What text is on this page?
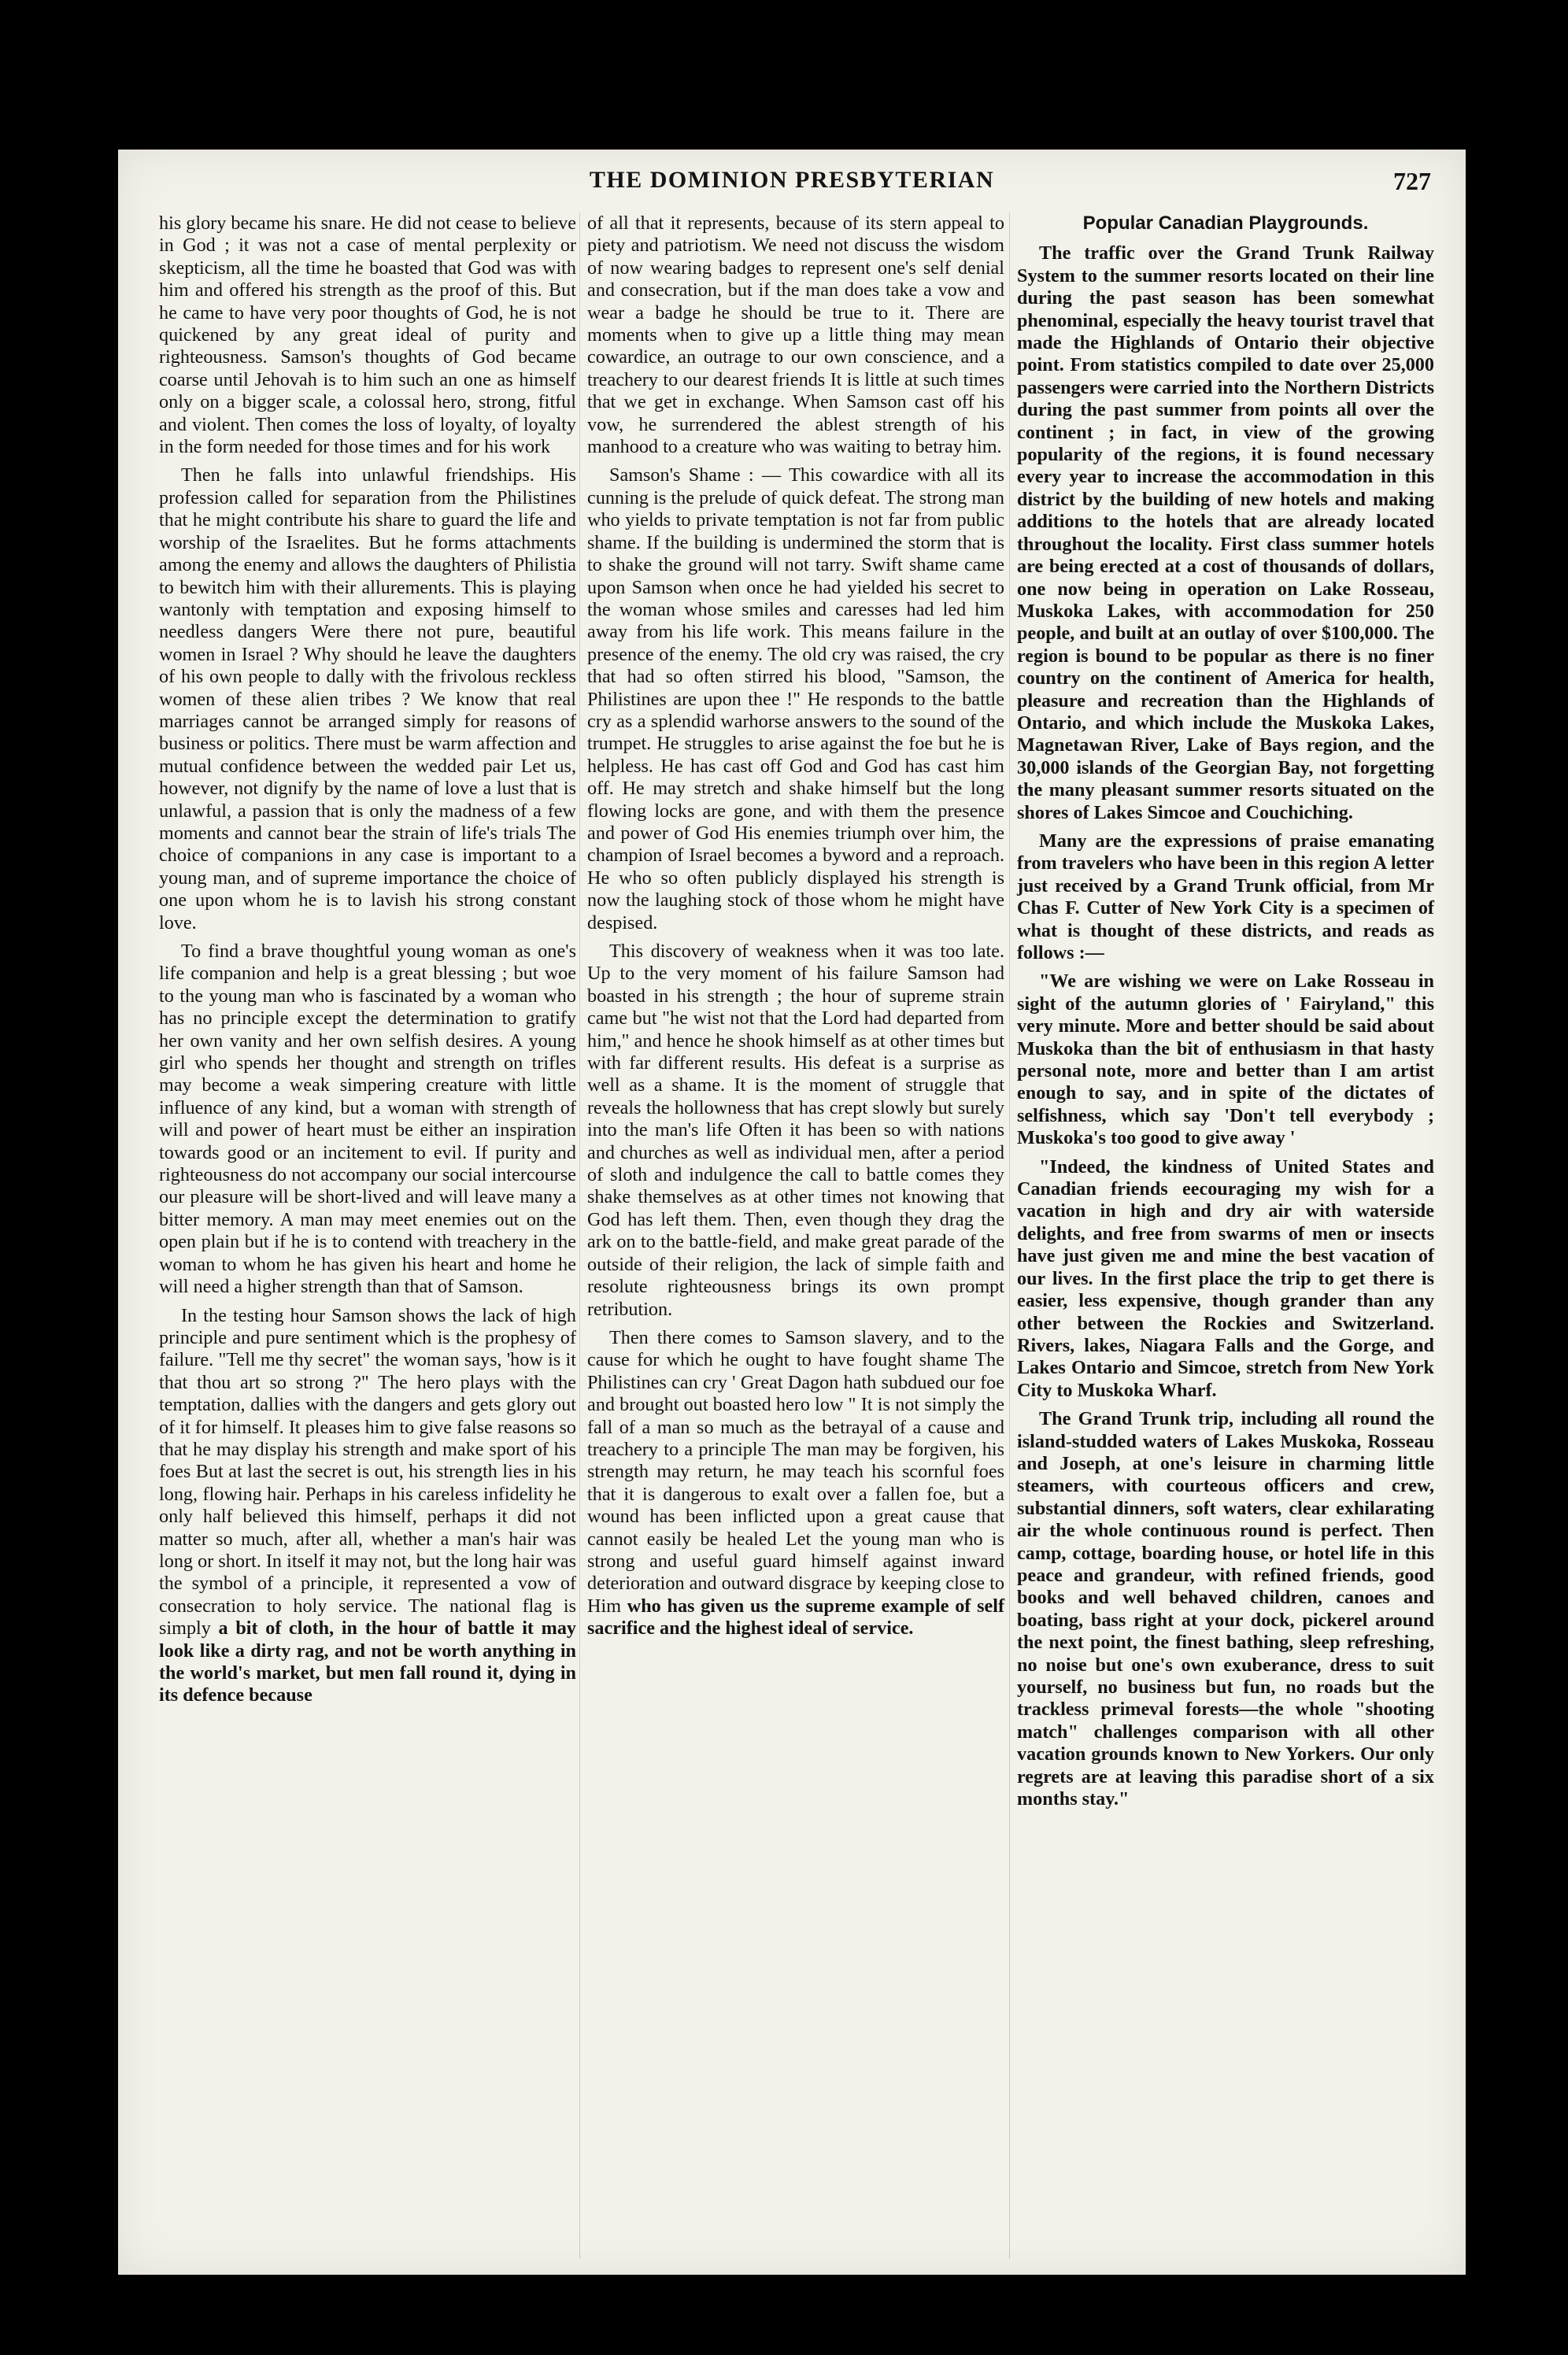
THE DOMINION PRESBYTERIAN	727

his glory became his snare. He did not cease to believe in God ; it was not a case of mental perplexity or skepticism, all the time he boasted that God was with him and offered his strength as the proof of this. But he came to have very poor thoughts of God, he is not quickened by any great ideal of purity and righteousness. Samson's thoughts of God became coarse until Jehovah is to him such an one as himself only on a bigger scale, a colossal hero, strong, fitful and violent. Then comes the loss of loyalty, of loyalty in the form needed for those times and for his work

Then he falls into unlawful friendships. His profession called for separation from the Philistines that he might contribute his share to guard the life and worship of the Israelites. But he forms attachments among the enemy and allows the daughters of Philistia to bewitch him with their allurements. This is playing wantonly with temptation and exposing himself to needless dangers Were there not pure, beautiful women in Israel ? Why should he leave the daughters of his own people to dally with the frivolous reckless women of these alien tribes ? We know that real marriages cannot be arranged simply for reasons of business or politics. There must be warm affection and mutual confidence between the wedded pair Let us, however, not dignify by the name of love a lust that is unlawful, a passion that is only the madness of a few moments and cannot bear the strain of life's trials The choice of companions in any case is important to a young man, and of supreme importance the choice of one upon whom he is to lavish his strong constant love.

To find a brave thoughtful young woman as one's life companion and help is a great blessing ; but woe to the young man who is fascinated by a woman who has no principle except the determination to gratify her own vanity and her own selfish desires. A young girl who spends her thought and strength on trifles may become a weak simpering creature with little influence of any kind, but a woman with strength of will and power of heart must be either an inspiration towards good or an incitement to evil. If purity and righteousness do not accompany our social intercourse our pleasure will be short-lived and will leave many a bitter memory. A man may meet enemies out on the open plain but if he is to contend with treachery in the woman to whom he has given his heart and home he will need a higher strength than that of Samson.

In the testing hour Samson shows the lack of high principle and pure sentiment which is the prophesy of failure. "Tell me thy secret" the woman says, 'how is it that thou art so strong ?" The hero plays with the temptation, dallies with the dangers and gets glory out of it for himself. It pleases him to give false reasons so that he may display his strength and make sport of his foes But at last the secret is out, his strength lies in his long, flowing hair. Perhaps in his careless infidelity he only half believed this himself, perhaps it did not matter so much, after all, whether a man's hair was long or short. In itself it may not, but the long hair was the symbol of a principle, it represented a vow of consecration to holy service. The national flag is simply a bit of cloth, in the hour of battle it may look like a dirty rag, and not be worth anything in the world's market, but men fall round it, dying in its defence because

of all that it represents, because of its stern appeal to piety and patriotism. We need not discuss the wisdom of now wearing badges to represent one's self denial and consecration, but if the man does take a vow and wear a badge he should be true to it. There are moments when to give up a little thing may mean cowardice, an outrage to our own conscience, and a treachery to our dearest friends It is little at such times that we get in exchange. When Samson cast off his vow, he surrendered the ablest strength of his manhood to a creature who was waiting to betray him.

Samson's Shame : — This cowardice with all its cunning is the prelude of quick defeat. The strong man who yields to private temptation is not far from public shame. If the building is undermined the storm that is to shake the ground will not tarry. Swift shame came upon Samson when once he had yielded his secret to the woman whose smiles and caresses had led him away from his life work. This means failure in the presence of the enemy. The old cry was raised, the cry that had so often stirred his blood, "Samson, the Philistines are upon thee !" He responds to the battle cry as a splendid warhorse answers to the sound of the trumpet. He struggles to arise against the foe but he is helpless. He has cast off God and God has cast him off. He may stretch and shake himself but the long flowing locks are gone, and with them the presence and power of God His enemies triumph over him, the champion of Israel becomes a byword and a reproach. He who so often publicly displayed his strength is now the laughing stock of those whom he might have despised.

This discovery of weakness when it was too late. Up to the very moment of his failure Samson had boasted in his strength ; the hour of supreme strain came but "he wist not that the Lord had departed from him," and hence he shook himself as at other times but with far different results. His defeat is a surprise as well as a shame. It is the moment of struggle that reveals the hollowness that has crept slowly but surely into the man's life Often it has been so with nations and churches as well as individual men, after a period of sloth and indulgence the call to battle comes they shake themselves as at other times not knowing that God has left them. Then, even though they drag the ark on to the battle-field, and make great parade of the outside of their religion, the lack of simple faith and resolute righteousness brings its own prompt retribution.

Then there comes to Samson slavery, and to the cause for which he ought to have fought shame The Philistines can cry ' Great Dagon hath subdued our foe and brought out boasted hero low " It is not simply the fall of a man so much as the betrayal of a cause and treachery to a principle The man may be forgiven, his strength may return, he may teach his scornful foes that it is dangerous to exalt over a fallen foe, but a wound has been inflicted upon a great cause that cannot easily be healed Let the young man who is strong and useful guard himself against inward deterioration and outward disgrace by keeping close to Him who has given us the supreme example of self sacrifice and the highest ideal of service.

Popular Canadian Playgrounds.

The traffic over the Grand Trunk Railway System to the summer resorts located on their line during the past season has been somewhat phenominal, especially the heavy tourist travel that made the Highlands of Ontario their objective point. From statistics compiled to date over 25,000 passengers were carried into the Northern Districts during the past summer from points all over the continent ; in fact, in view of the growing popularity of the regions, it is found necessary every year to increase the accommodation in this district by the building of new hotels and making additions to the hotels that are already located throughout the locality. First class summer hotels are being erected at a cost of thousands of dollars, one now being in operation on Lake Rosseau, Muskoka Lakes, with accommodation for 250 people, and built at an outlay of over $100,000. The region is bound to be popular as there is no finer country on the continent of America for health, pleasure and recreation than the Highlands of Ontario, and which include the Muskoka Lakes, Magnetawan River, Lake of Bays region, and the 30,000 islands of the Georgian Bay, not forgetting the many pleasant summer resorts situated on the shores of Lakes Simcoe and Couchiching.

Many are the expressions of praise emanating from travelers who have been in this region A letter just received by a Grand Trunk official, from Mr Chas F. Cutter of New York City is a specimen of what is thought of these districts, and reads as follows :—

"We are wishing we were on Lake Rosseau in sight of the autumn glories of ' Fairyland," this very minute. More and better should be said about Muskoka than the bit of enthusiasm in that hasty personal note, more and better than I am artist enough to say, and in spite of the dictates of selfishness, which say 'Don't tell everybody ; Muskoka's too good to give away '

"Indeed, the kindness of United States and Canadian friends eecouraging my wish for a vacation in high and dry air with waterside delights, and free from swarms of men or insects have just given me and mine the best vacation of our lives. In the first place the trip to get there is easier, less expensive, though grander than any other between the Rockies and Switzerland. Rivers, lakes, Niagara Falls and the Gorge, and Lakes Ontario and Simcoe, stretch from New York City to Muskoka Wharf.

The Grand Trunk trip, including all round the island-studded waters of Lakes Muskoka, Rosseau and Joseph, at one's leisure in charming little steamers, with courteous officers and crew, substantial dinners, soft waters, clear exhilarating air the whole continuous round is perfect. Then camp, cottage, boarding house, or hotel life in this peace and grandeur, with refined friends, good books and well behaved children, canoes and boating, bass right at your dock, pickerel around the next point, the finest bathing, sleep refreshing, no noise but one's own exuberance, dress to suit yourself, no business but fun, no roads but the trackless primeval forests—the whole "shooting match" challenges comparison with all other vacation grounds known to New Yorkers. Our only regrets are at leaving this paradise short of a six months stay."
